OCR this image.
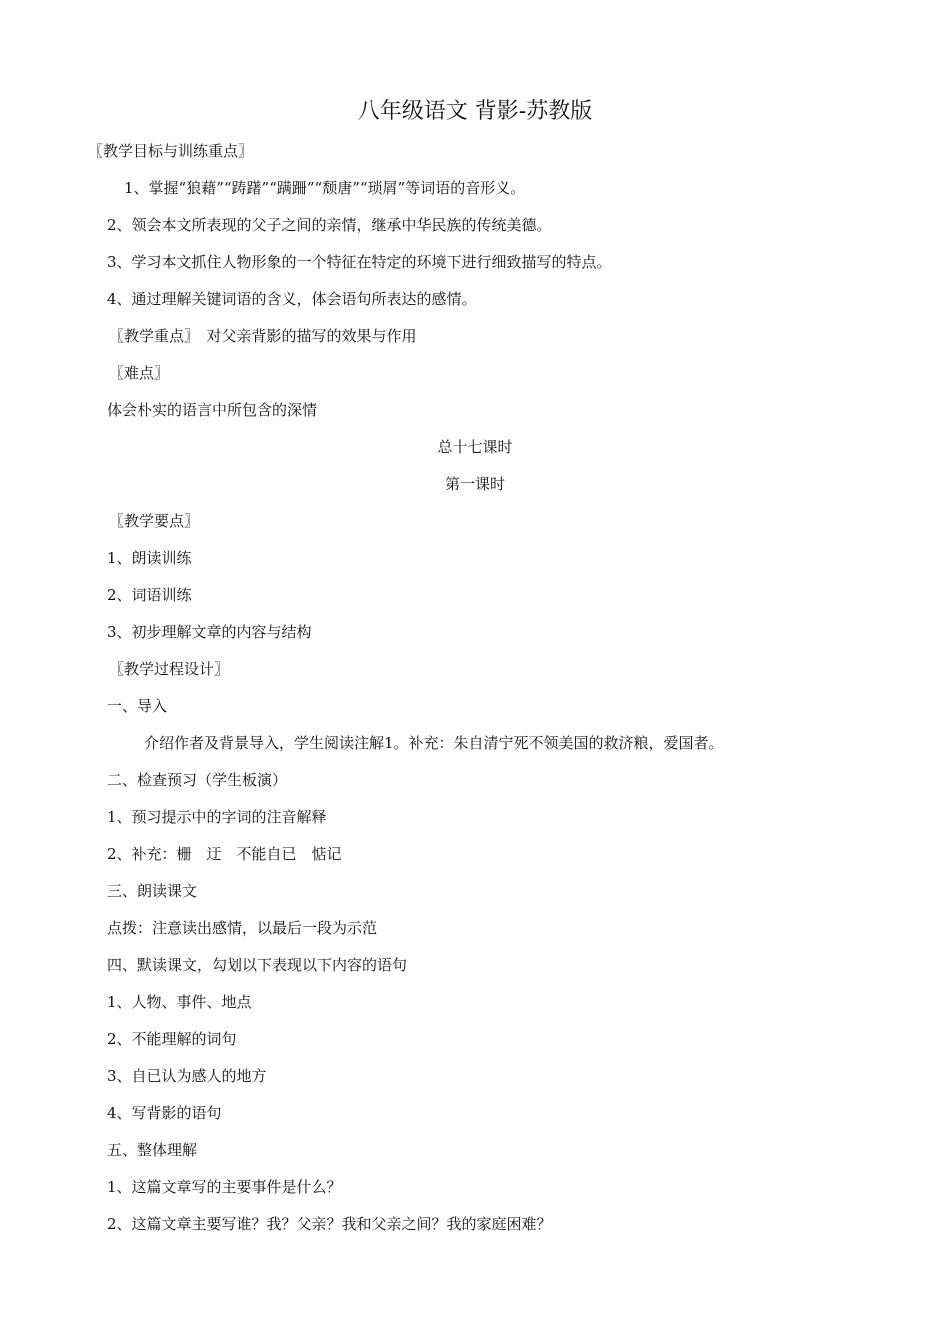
八年级语文 背影-苏教版
〖教学目标与训练重点〗
1、掌握“狼藉”“踌躇”“蹒跚”“颓唐”“琐屑”等词语的音形义。
2、领会本文所表现的父子之间的亲情，继承中华民族的传统美德。
3、学习本文抓住人物形象的一个特征在特定的环境下进行细致描写的特点。
4、通过理解关键词语的含义，体会语句所表达的感情。
〖教学重点〗　对父亲背影的描写的效果与作用
〖难点〗
体会朴实的语言中所包含的深情
总十七课时
第一课时
〖教学要点〗
1、朗读训练
2、词语训练
3、初步理解文章的内容与结构
〖教学过程设计〗
一、导入
介绍作者及背景导入，学生阅读注解1。补充：朱自清宁死不领美国的救济粮，爱国者。
二、检查预习（学生板演）
1、预习提示中的字词的注音解释
2、补充：栅　迂　不能自已　惦记
三、朗读课文
点拨：注意读出感情，以最后一段为示范
四、默读课文，勾划以下表现以下内容的语句
1、人物、事件、地点
2、不能理解的词句
3、自已认为感人的地方
4、写背影的语句
五、整体理解
1、这篇文章写的主要事件是什么？
2、这篇文章主要写谁？我？父亲？我和父亲之间？我的家庭困难？
